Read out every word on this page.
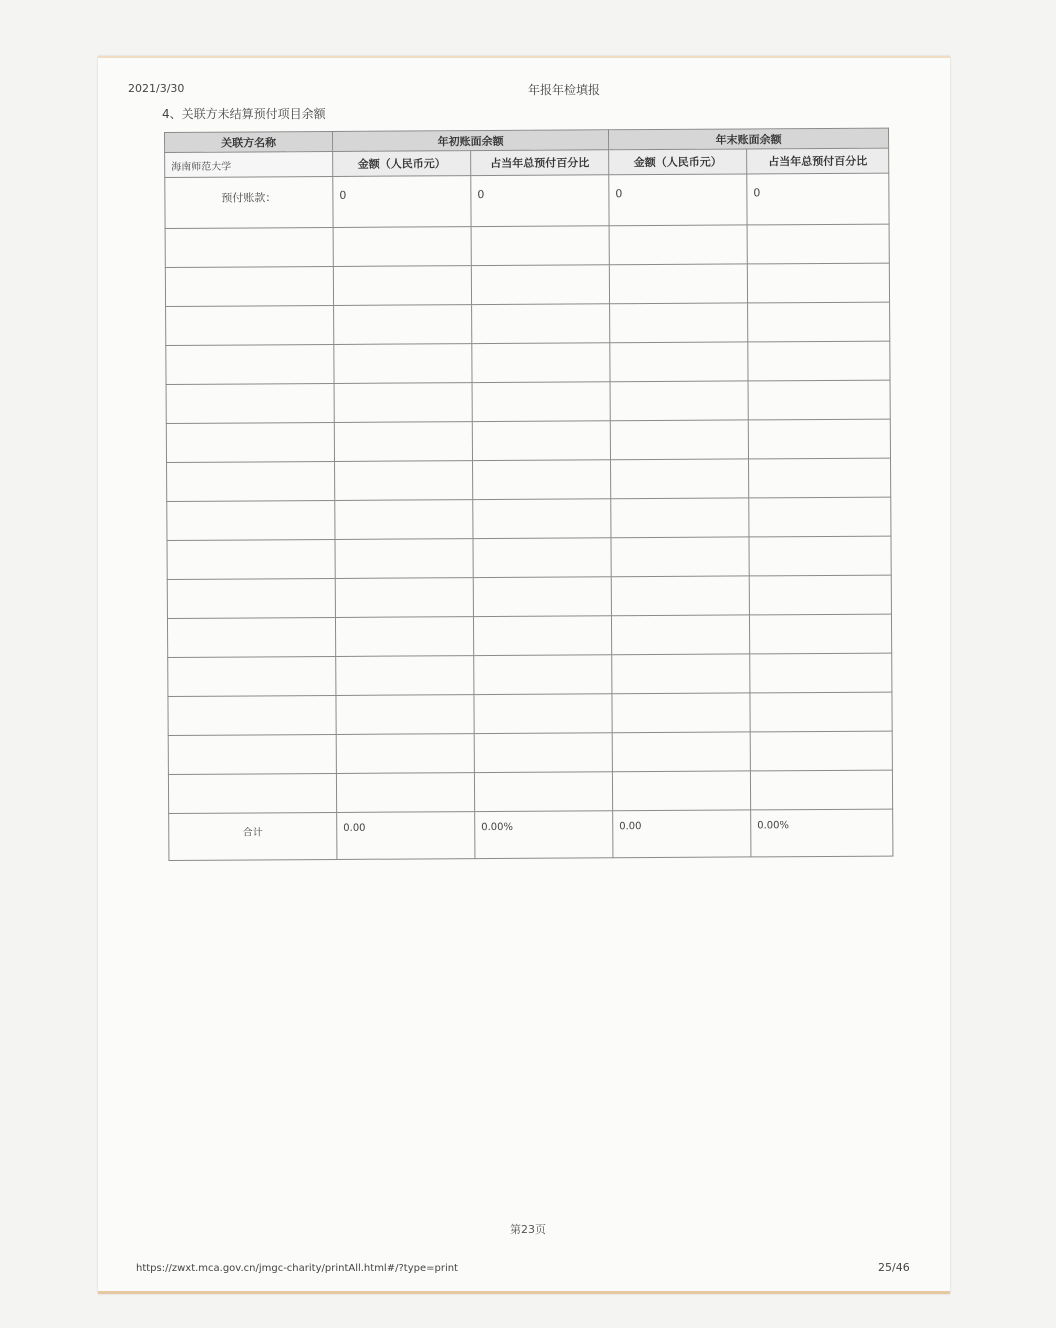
2021/3/30	年报年检填报
4、关联方未结算预付项目余额
关联方名称	年初账面余额		年末账面余额	
海南师范大学	金额（人民币元）	占当年总预付百分比	金额（人民币元）	占当年总预付百分比
预付账款：	0	0	0	0

合计	0.00	0.00%	0.00	0.00%
第23页
https://zwxt.mca.gov.cn/jmgc-charity/printAll.html#/?type=print	25/46
